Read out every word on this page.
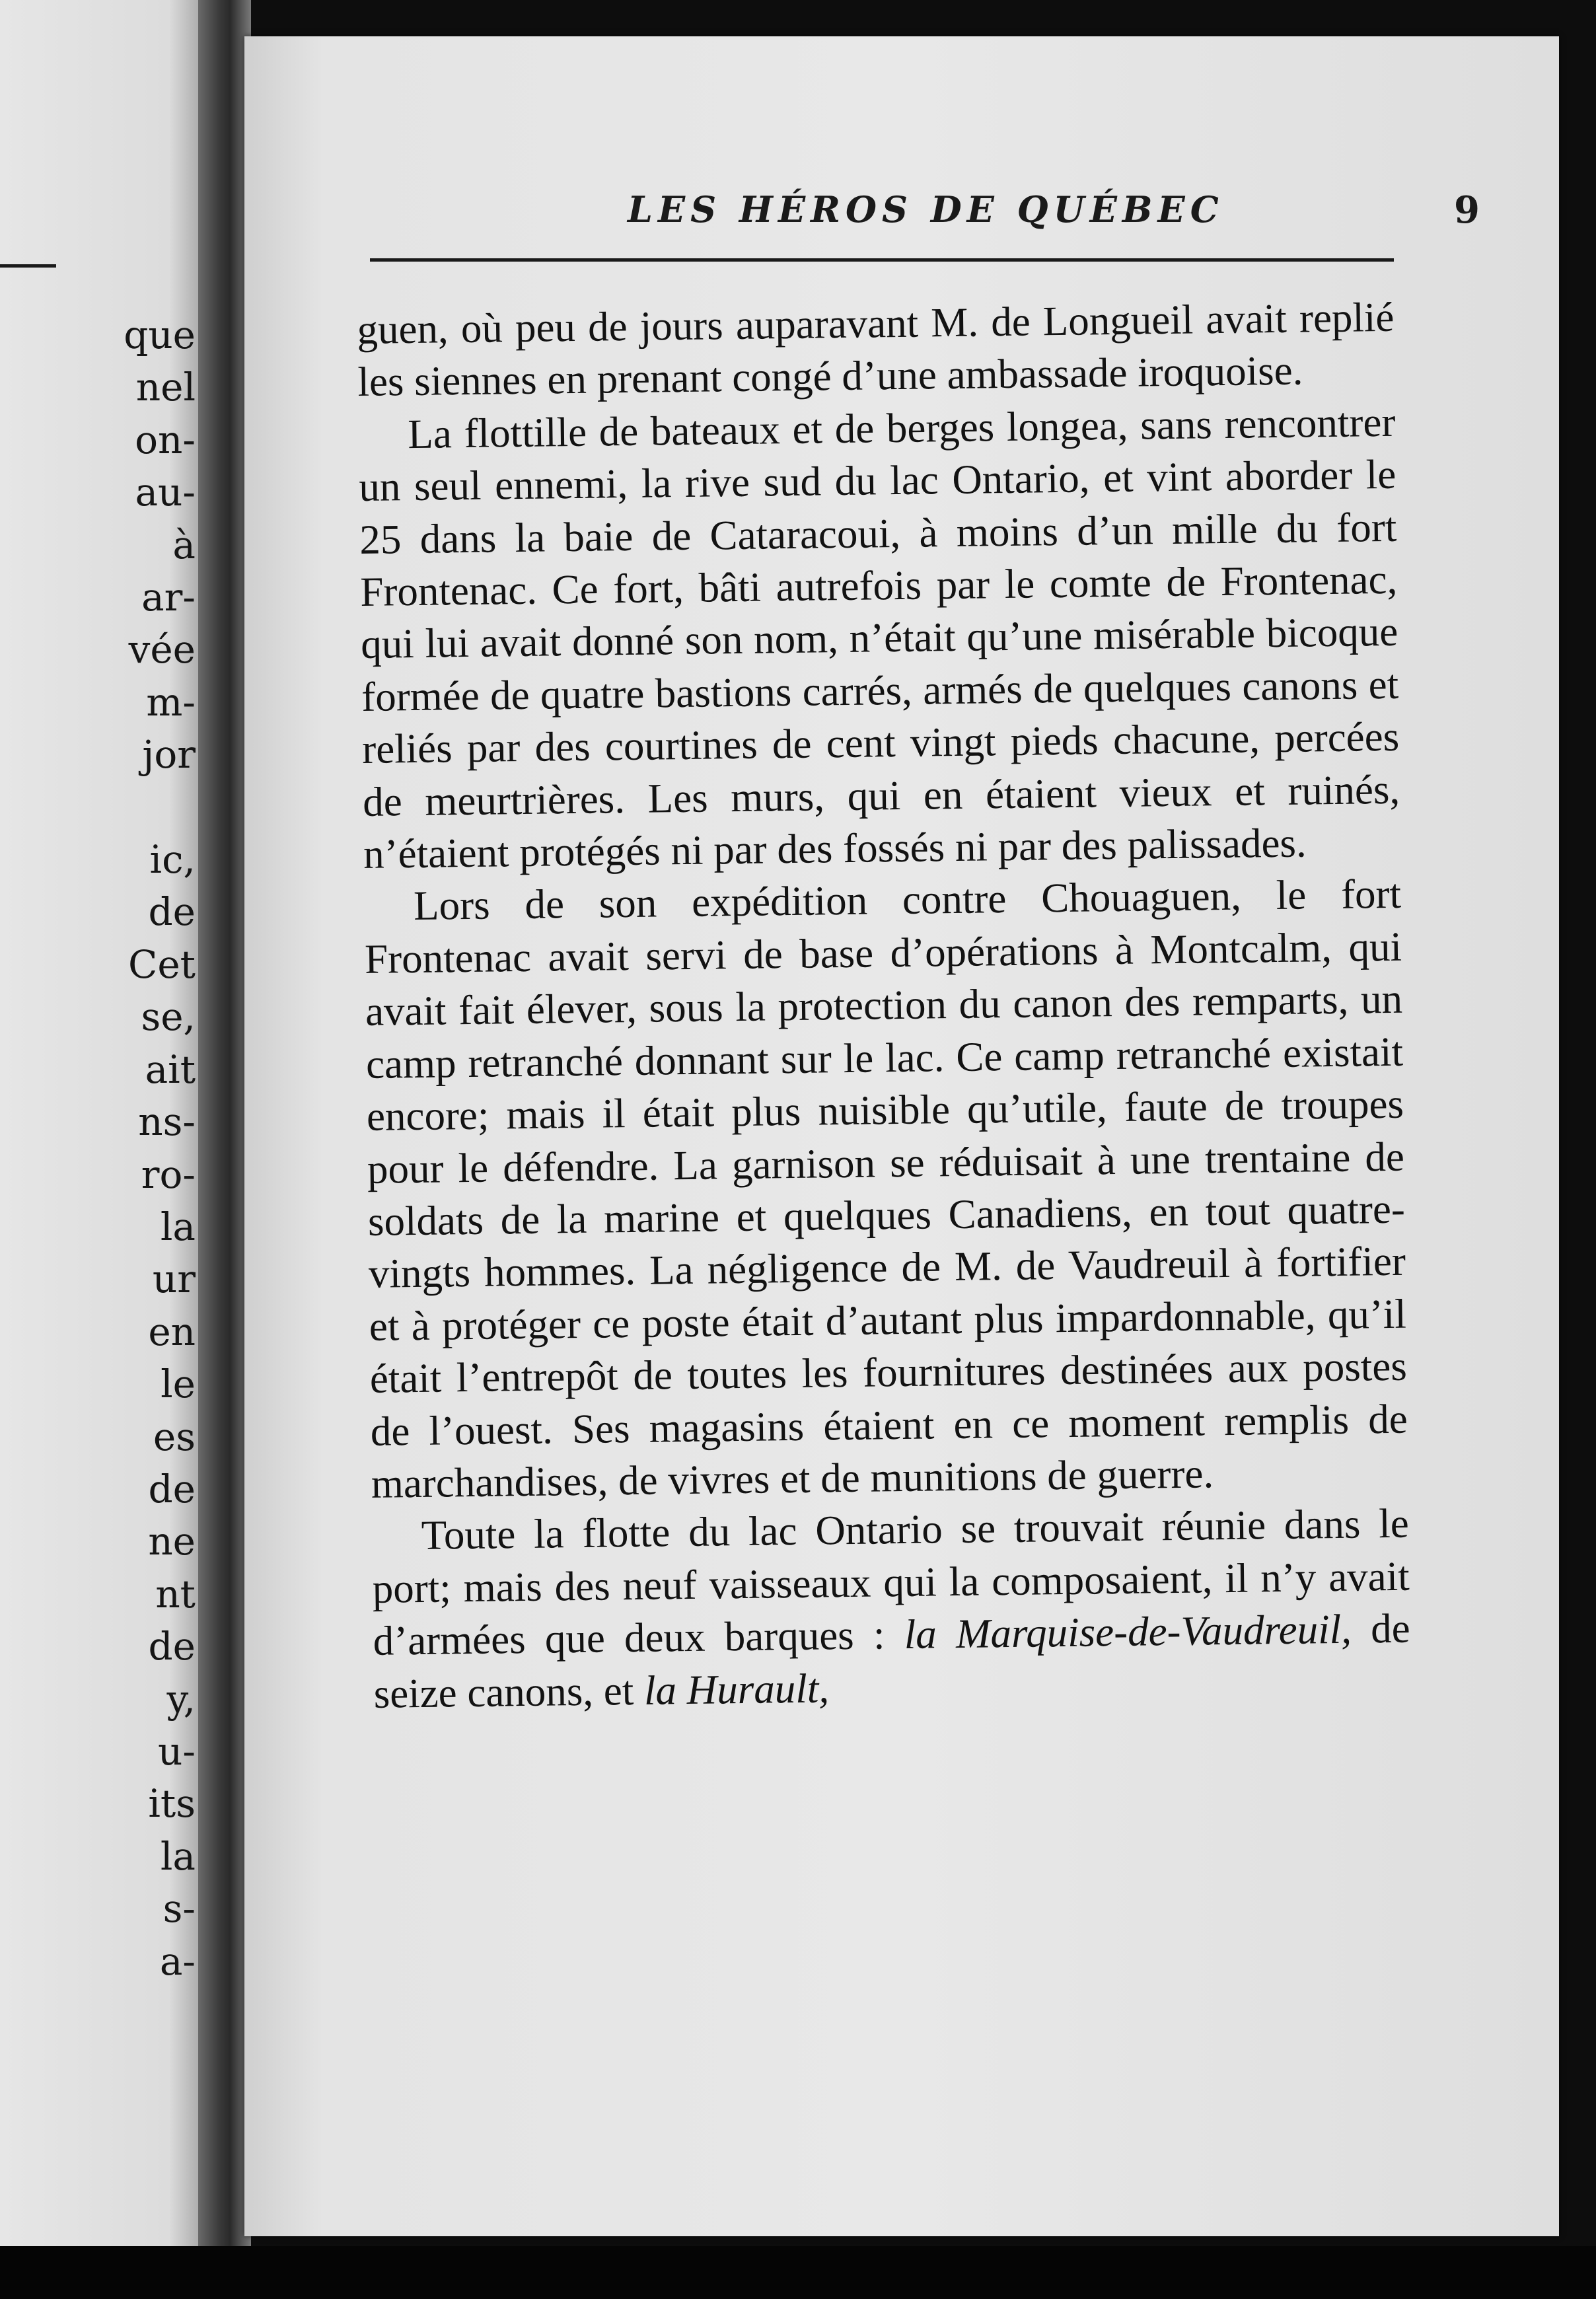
que
nel
on-
au-
à
ar-
vée
m-
jor

ic,
de
Cet
se,
ait
ns-
ro-
la
ur
en
le
es
de
ne
nt
de
y,
u-
its
la
s-
a-
LES HÉROS DE QUÉBEC	9

guen, où peu de jours auparavant M. de Longueil avait replié les siennes en prenant congé d’une ambassade iroquoise.

La flottille de bateaux et de berges longea, sans rencontrer un seul ennemi, la rive sud du lac Ontario, et vint aborder le 25 dans la baie de Cataracoui, à moins d’un mille du fort Frontenac. Ce fort, bâti autrefois par le comte de Frontenac, qui lui avait donné son nom, n’était qu’une misérable bicoque formée de quatre bastions carrés, armés de quelques canons et reliés par des courtines de cent vingt pieds chacune, percées de meurtrières. Les murs, qui en étaient vieux et ruinés, n’étaient protégés ni par des fossés ni par des palissades.

Lors de son expédition contre Chouaguen, le fort Frontenac avait servi de base d’opérations à Montcalm, qui avait fait élever, sous la protection du canon des remparts, un camp retranché donnant sur le lac. Ce camp retranché existait encore; mais il était plus nuisible qu’utile, faute de troupes pour le défendre. La garnison se réduisait à une trentaine de soldats de la marine et quelques Canadiens, en tout quatre-vingts hommes. La négligence de M. de Vaudreuil à fortifier et à protéger ce poste était d’autant plus impardonnable, qu’il était l’entrepôt de toutes les fournitures destinées aux postes de l’ouest. Ses magasins étaient en ce moment remplis de marchandises, de vivres et de munitions de guerre.

Toute la flotte du lac Ontario se trouvait réunie dans le port; mais des neuf vaisseaux qui la composaient, il n’y avait d’armées que deux barques : la Marquise-de-Vaudreuil, de seize canons, et la Hurault,
